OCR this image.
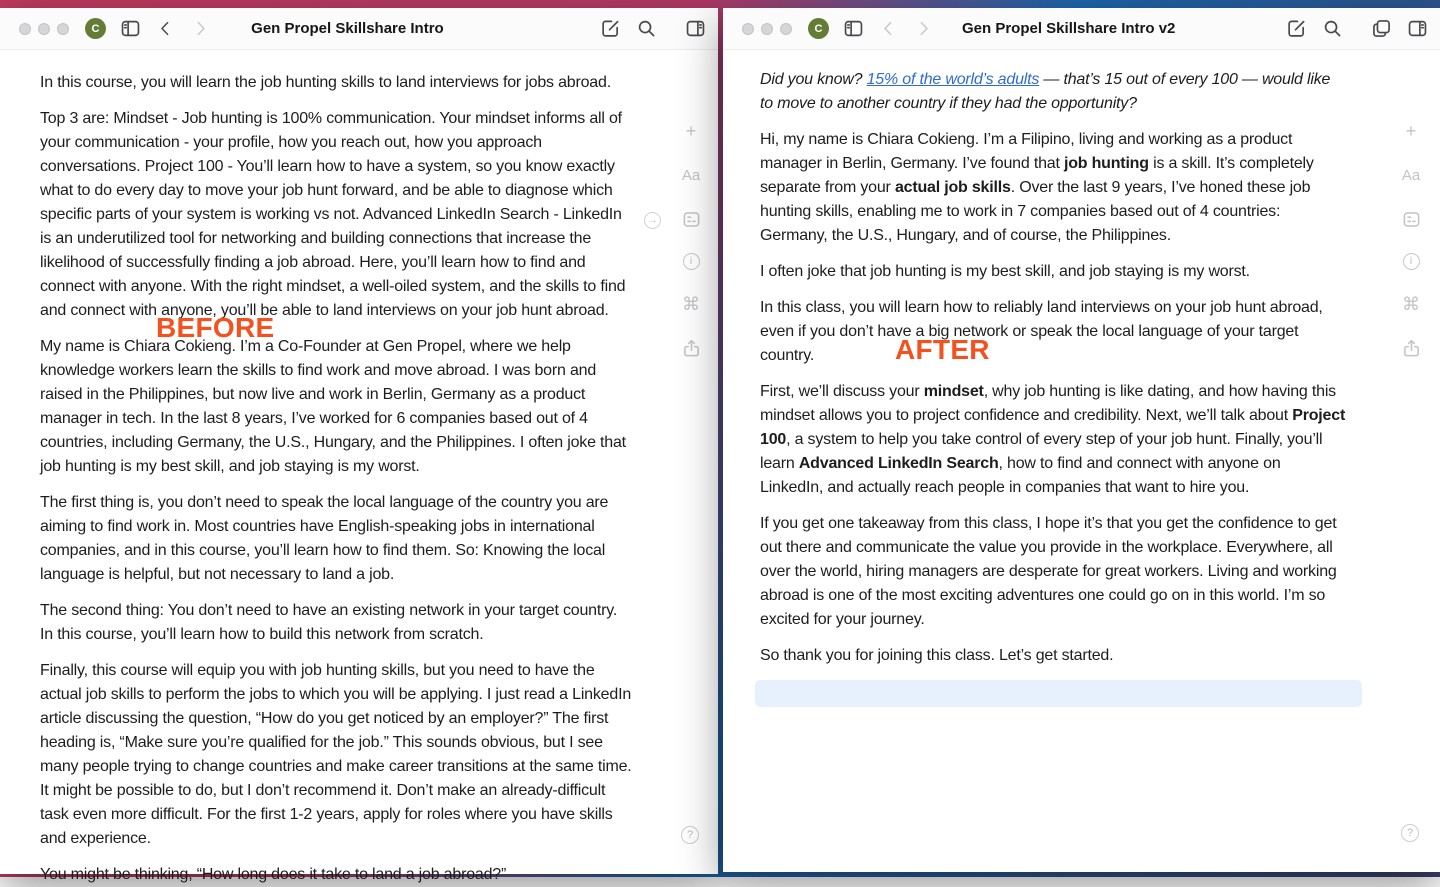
C	Gen Propel Skillshare Intro

In this course, you will learn the job hunting skills to land interviews for jobs abroad.

Top 3 are: Mindset - Job hunting is 100% communication. Your mindset informs all of your communication - your profile, how you reach out, how you approach conversations. Project 100 - You’ll learn how to have a system, so you know exactly what to do every day to move your job hunt forward, and be able to diagnose which specific parts of your system is working vs not. Advanced LinkedIn Search - LinkedIn is an underutilized tool for networking and building connections that increase the likelihood of successfully finding a job abroad. Here, you’ll learn how to find and connect with anyone. With the right mindset, a well-oiled system, and the skills to find and connect with anyone, you’ll be able to land interviews on your job hunt abroad.

My name is Chiara Cokieng. I’m a Co-Founder at Gen Propel, where we help knowledge workers learn the skills to find work and move abroad. I was born and raised in the Philippines, but now live and work in Berlin, Germany as a product manager in tech. In the last 8 years, I’ve worked for 6 companies based out of 4 countries, including Germany, the U.S., Hungary, and the Philippines. I often joke that job hunting is my best skill, and job staying is my worst.

The first thing is, you don’t need to speak the local language of the country you are aiming to find work in. Most countries have English-speaking jobs in international companies, and in this course, you’ll learn how to find them. So: Knowing the local language is helpful, but not necessary to land a job.

The second thing: You don’t need to have an existing network in your target country. In this course, you’ll learn how to build this network from scratch.

Finally, this course will equip you with job hunting skills, but you need to have the actual job skills to perform the jobs to which you will be applying. I just read a LinkedIn article discussing the question, “How do you get noticed by an employer?” The first heading is, “Make sure you’re qualified for the job.” This sounds obvious, but I see many people trying to change countries and make career transitions at the same time. It might be possible to do, but I don’t recommend it. Don’t make an already-difficult task even more difficult. For the first 1-2 years, apply for roles where you have skills and experience.

You might be thinking, “How long does it take to land a job abroad?”

+
Aa
i
⌘
→
?
C	Gen Propel Skillshare Intro v2

Did you know? 15% of the world’s adults — that’s 15 out of every 100 — would like to move to another country if they had the opportunity?

Hi, my name is Chiara Cokieng. I’m a Filipino, living and working as a product manager in Berlin, Germany. I’ve found that job hunting is a skill. It’s completely separate from your actual job skills. Over the last 9 years, I’ve honed these job hunting skills, enabling me to work in 7 companies based out of 4 countries: Germany, the U.S., Hungary, and of course, the Philippines.

I often joke that job hunting is my best skill, and job staying is my worst.

In this class, you will learn how to reliably land interviews on your job hunt abroad, even if you don’t have a big network or speak the local language of your target country.

First, we’ll discuss your mindset, why job hunting is like dating, and how having this mindset allows you to project confidence and credibility. Next, we’ll talk about Project 100, a system to help you take control of every step of your job hunt. Finally, you’ll learn Advanced LinkedIn Search, how to find and connect with anyone on LinkedIn, and actually reach people in companies that want to hire you.

If you get one takeaway from this class, I hope it’s that you get the confidence to get out there and communicate the value you provide in the workplace. Everywhere, all over the world, hiring managers are desperate for great workers. Living and working abroad is one of the most exciting adventures one could go on in this world. I’m so excited for your journey.

So thank you for joining this class. Let’s get started.

+
Aa
i
⌘
?
BEFORE
AFTER
